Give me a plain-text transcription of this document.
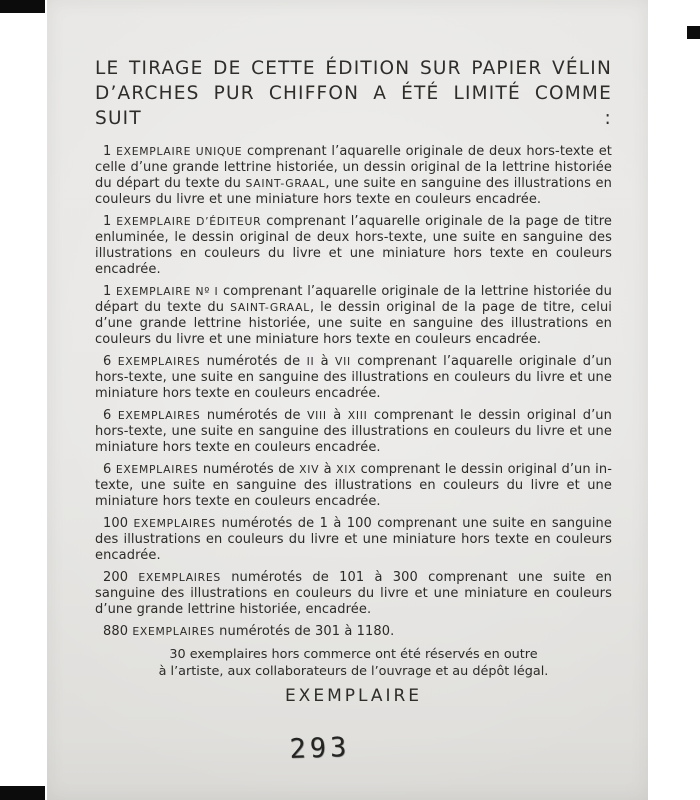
LE TIRAGE DE CETTE ÉDITION SUR PAPIER VÉLIN
D’ARCHES PUR CHIFFON A ÉTÉ LIMITÉ COMME SUIT :

1 EXEMPLAIRE UNIQUE comprenant l’aquarelle originale de deux hors-texte et celle d’une grande lettrine historiée, un dessin original de la lettrine historiée du départ du texte du SAINT-GRAAL, une suite en sanguine des illustrations en couleurs du livre et une miniature hors texte en couleurs encadrée.

1 EXEMPLAIRE D’ÉDITEUR comprenant l’aquarelle originale de la page de titre enluminée, le dessin original de deux hors-texte, une suite en sanguine des illustrations en couleurs du livre et une miniature hors texte en couleurs encadrée.

1 EXEMPLAIRE Nº I comprenant l’aquarelle originale de la lettrine historiée du départ du texte du SAINT-GRAAL, le dessin original de la page de titre, celui d’une grande lettrine historiée, une suite en sanguine des illustrations en couleurs du livre et une miniature hors texte en couleurs encadrée.

6 EXEMPLAIRES numérotés de II à VII comprenant l’aquarelle originale d’un hors-texte, une suite en sanguine des illustrations en couleurs du livre et une miniature hors texte en couleurs encadrée.

6 EXEMPLAIRES numérotés de VIII à XIII comprenant le dessin original d’un hors-texte, une suite en sanguine des illustrations en couleurs du livre et une miniature hors texte en couleurs encadrée.

6 EXEMPLAIRES numérotés de XIV à XIX comprenant le dessin original d’un in-texte, une suite en sanguine des illustrations en couleurs du livre et une miniature hors texte en couleurs encadrée.

100 EXEMPLAIRES numérotés de 1 à 100 comprenant une suite en sanguine des illustrations en couleurs du livre et une miniature hors texte en couleurs encadrée.

200 EXEMPLAIRES numérotés de 101 à 300 comprenant une suite en sanguine des illustrations en couleurs du livre et une miniature en couleurs d’une grande lettrine historiée, encadrée.

880 EXEMPLAIRES numérotés de 301 à 1180.

30 exemplaires hors commerce ont été réservés en outre
à l’artiste, aux collaborateurs de l’ouvrage et au dépôt légal.
EXEMPLAIRE
293
